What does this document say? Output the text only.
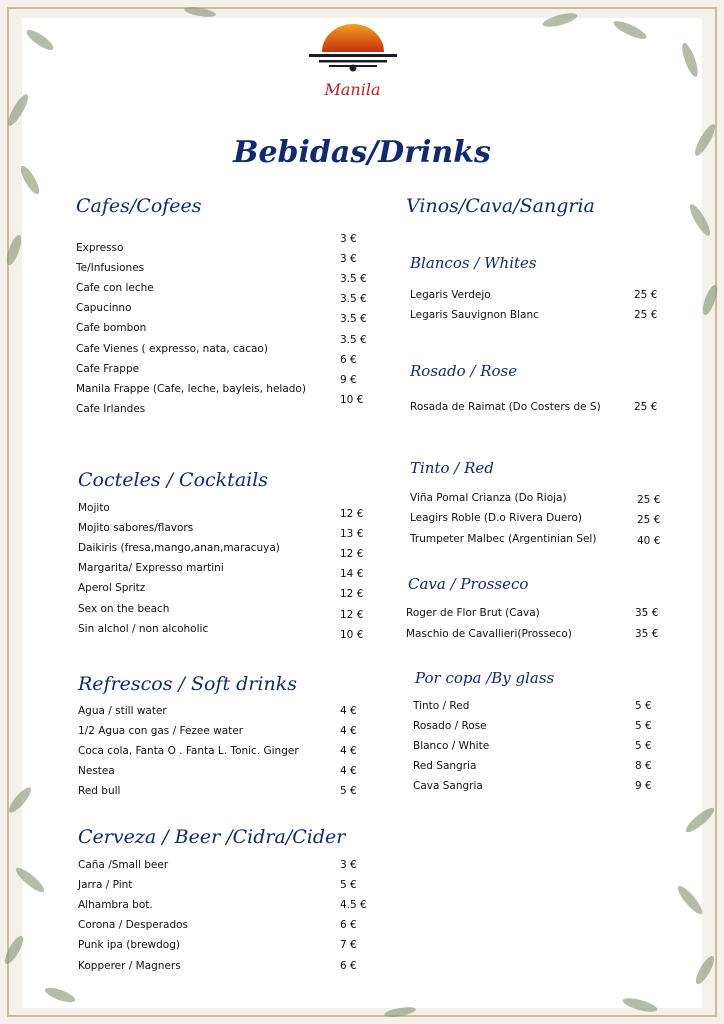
Manila
Bebidas/Drinks
Cafes/Cofees
Expresso
Te/Infusiones
Cafe con leche
Capucinno
Cafe bombon
Cafe Vienes ( expresso, nata, cacao)
Cafe Frappe
Manila Frappe (Cafe, leche, bayleis, helado)
Cafe Irlandes
3 €
3 €
3.5 €
3.5 €
3.5 €
3.5 €
6 €
9 €
10 €
Cocteles / Cocktails
Mojito
Mojito sabores/flavors
Daikiris (fresa,mango,anan,maracuya)
Margarita/ Expresso martini
Aperol Spritz
Sex on the beach
Sin alchol / non alcoholic
12 €
13 €
12 €
14 €
12 €
12 €
10 €
Refrescos / Soft drinks
Agua / still water
1/2 Agua con gas / Fezee water
Coca cola, Fanta O . Fanta L. Tonic. Ginger
Nestea
Red bull
4 €
4 €
4 €
4 €
5 €
Cerveza / Beer /Cidra/Cider
Caña /Small beer
Jarra / Pint
Alhambra bot.
Corona / Desperados
Punk ipa (brewdog)
Kopperer / Magners
3 €
5 €
4.5 €
6 €
7 €
6 €
Vinos/Cava/Sangria
Blancos / Whites
Legaris Verdejo
Legaris Sauvignon Blanc
25 €
25 €
Rosado / Rose
Rosada de Raimat (Do Costers de S)	25 €
Tinto / Red
Viña Pomal Crianza (Do Rioja)
Leagirs Roble (D.o Rivera Duero)
Trumpeter Malbec (Argentinian Sel)
25 €
25 €
40 €
Cava / Prosseco
Roger de Flor Brut (Cava)
Maschio de Cavallieri(Prosseco)
35 €
35 €
Por copa /By glass
Tinto / Red
Rosado / Rose
Blanco / White
Red Sangria
Cava Sangria
5 €
5 €
5 €
8 €
9 €
